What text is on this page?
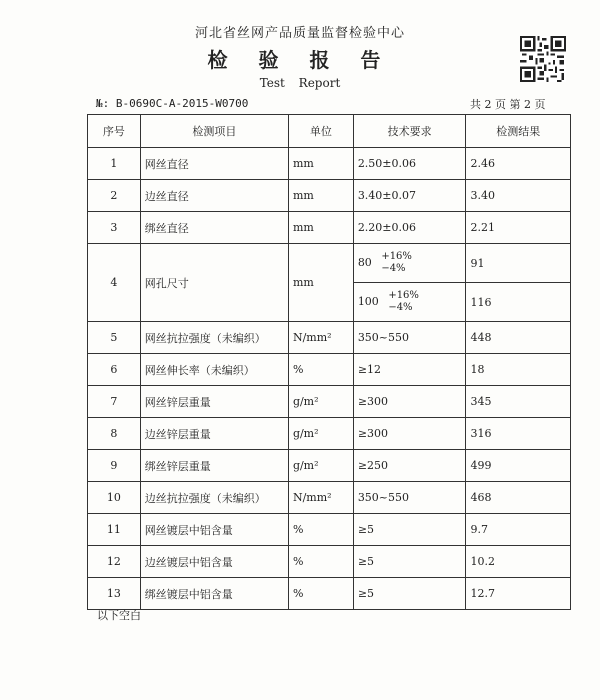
河北省丝网产品质量监督检验中心
检 验 报 告
Test Report
№: B-0690C-A-2015-W0700	共 2 页 第 2 页
序号	检测项目	单位	技术要求	检测结果
1	网丝直径	mm	2.50±0.06	2.46
2	边丝直径	mm	3.40±0.07	3.40
3	绑丝直径	mm	2.20±0.06	2.21
4	网孔尺寸	mm	80 +16%
−4%	91
			100 +16%
−4%	116
5	网丝抗拉强度（未编织）	N/mm²	350~550	448
6	网丝伸长率（未编织）	%	≥12	18
7	网丝锌层重量	g/m²	≥300	345
8	边丝锌层重量	g/m²	≥300	316
9	绑丝锌层重量	g/m²	≥250	499
10	边丝抗拉强度（未编织）	N/mm²	350~550	468
11	网丝镀层中铝含量	%	≥5	9.7
12	边丝镀层中铝含量	%	≥5	10.2
13	绑丝镀层中铝含量	%	≥5	12.7
以下空白
